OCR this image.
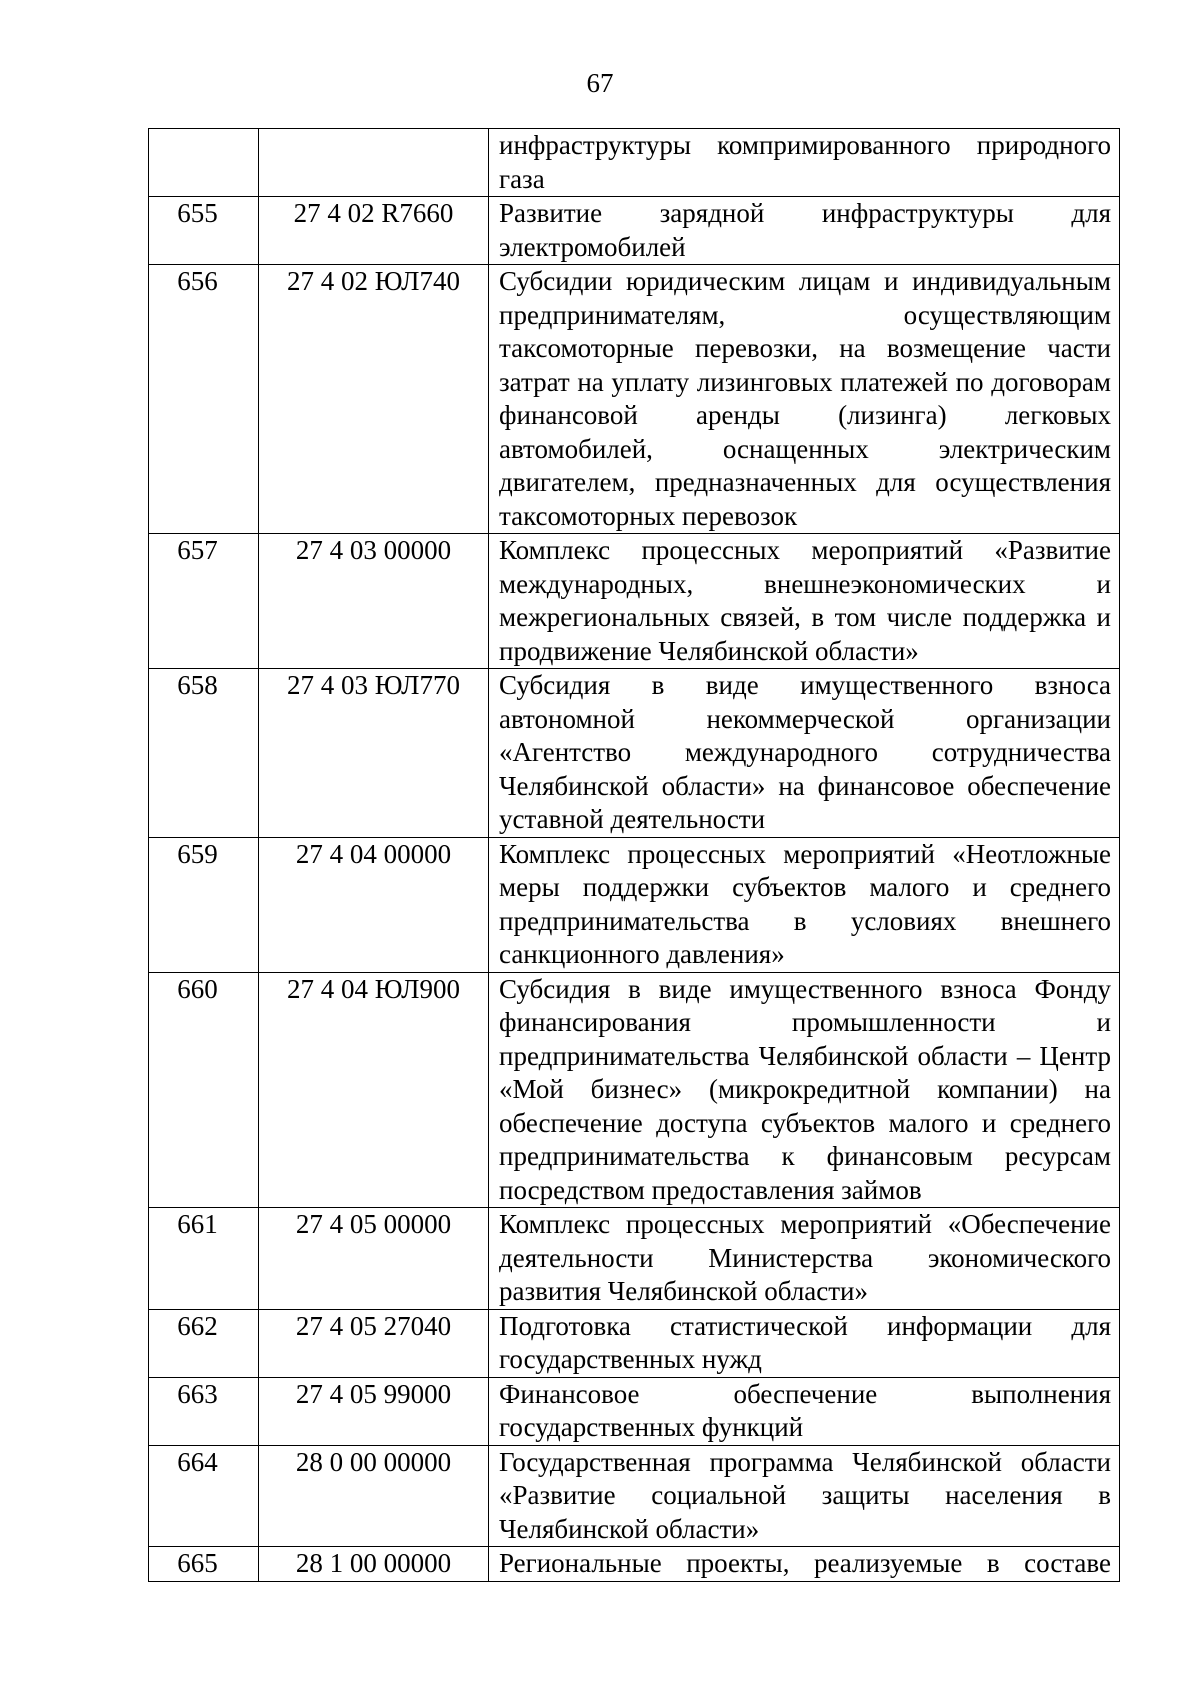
67
		инфраструктуры компримированного природного газа
655	27 4 02 R7660	Развитие зарядной инфраструктуры для электромобилей
656	27 4 02 ЮЛ740	Субсидии юридическим лицам и индивидуальным предпринимателям, осуществляющим таксомоторные перевозки, на возмещение части затрат на уплату лизинговых платежей по договорам финансовой аренды (лизинга) легковых автомобилей, оснащенных электрическим двигателем, предназначенных для осуществления таксомоторных перевозок
657	27 4 03 00000	Комплекс процессных мероприятий «Развитие международных, внешнеэкономических и межрегиональных связей, в том числе поддержка и продвижение Челябинской области»
658	27 4 03 ЮЛ770	Субсидия в виде имущественного взноса автономной некоммерческой организации «Агентство международного сотрудничества Челябинской области» на финансовое обеспечение уставной деятельности
659	27 4 04 00000	Комплекс процессных мероприятий «Неотложные меры поддержки субъектов малого и среднего предпринимательства в условиях внешнего санкционного давления»
660	27 4 04 ЮЛ900	Субсидия в виде имущественного взноса Фонду финансирования промышленности и предпринимательства Челябинской области – Центр «Мой бизнес» (микрокредитной компании) на обеспечение доступа субъектов малого и среднего предпринимательства к финансовым ресурсам посредством предоставления займов
661	27 4 05 00000	Комплекс процессных мероприятий «Обеспечение деятельности Министерства экономического развития Челябинской области»
662	27 4 05 27040	Подготовка статистической информации для государственных нужд
663	27 4 05 99000	Финансовое обеспечение выполнения государственных функций
664	28 0 00 00000	Государственная программа Челябинской области «Развитие социальной защиты населения в Челябинской области»
665	28 1 00 00000	Региональные проекты, реализуемые в составе
